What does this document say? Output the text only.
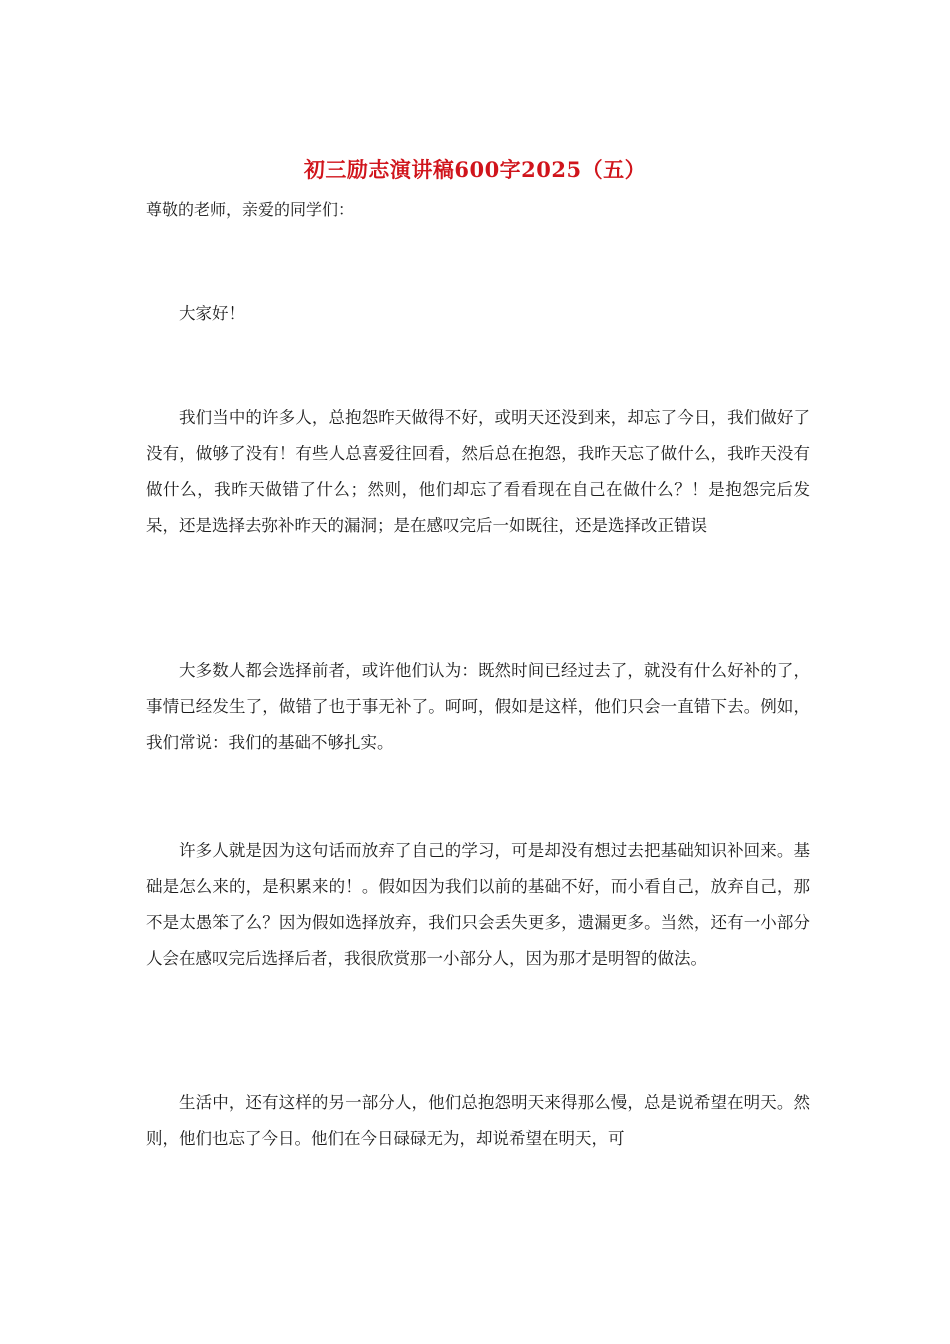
初三励志演讲稿600字2025（五）
尊敬的老师，亲爱的同学们：

大家好！

我们当中的许多人，总抱怨昨天做得不好，或明天还没到来，却忘了今日，我们做好了没有，做够了没有！有些人总喜爱往回看，然后总在抱怨，我昨天忘了做什么，我昨天没有做什么，我昨天做错了什么；然则，他们却忘了看看现在自己在做什么？！是抱怨完后发呆，还是选择去弥补昨天的漏洞；是在感叹完后一如既往，还是选择改正错误

大多数人都会选择前者，或许他们认为：既然时间已经过去了，就没有什么好补的了，事情已经发生了，做错了也于事无补了。呵呵，假如是这样，他们只会一直错下去。例如，我们常说：我们的基础不够扎实。

许多人就是因为这句话而放弃了自己的学习，可是却没有想过去把基础知识补回来。基础是怎么来的，是积累来的！。假如因为我们以前的基础不好，而小看自己，放弃自己，那不是太愚笨了么？因为假如选择放弃，我们只会丢失更多，遗漏更多。当然，还有一小部分人会在感叹完后选择后者，我很欣赏那一小部分人，因为那才是明智的做法。

生活中，还有这样的另一部分人，他们总抱怨明天来得那么慢，总是说希望在明天。然则，他们也忘了今日。他们在今日碌碌无为，却说希望在明天，可
